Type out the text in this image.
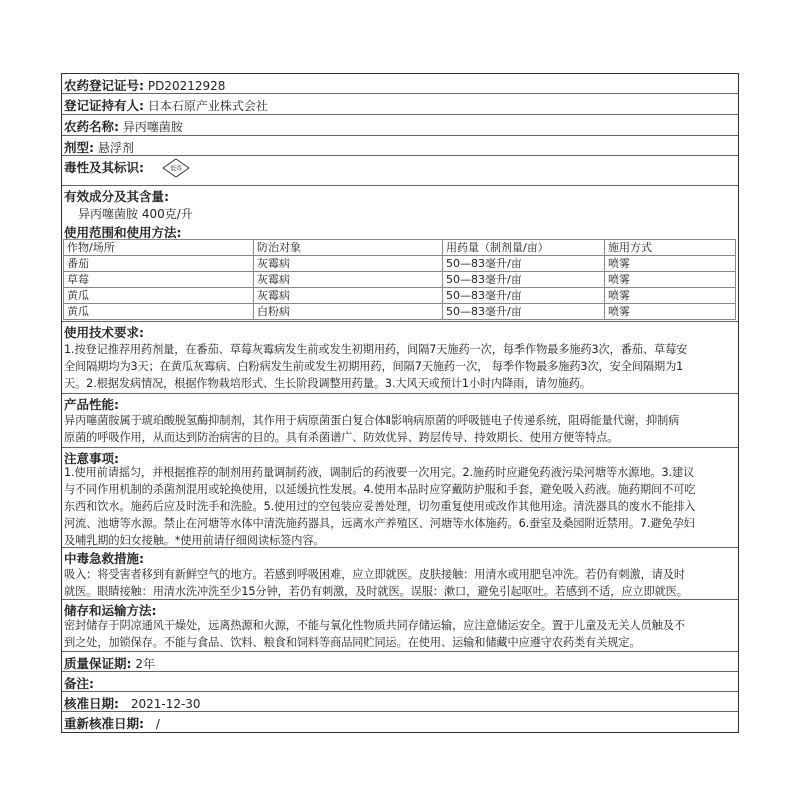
农药登记证号: PD20212928
登记证持有人: 日本石原产业株式会社
农药名称: 异丙噻菌胺
剂型: 悬浮剂
毒性及其标识:	低毒
有效成分及其含量:
异丙噻菌胺 400克/升
使用范围和使用方法:
作物/场所	防治对象	用药量（制剂量/亩）	施用方式
番茄	灰霉病	50—83毫升/亩	喷雾
草莓	灰霉病	50—83毫升/亩	喷雾
黄瓜	灰霉病	50—83毫升/亩	喷雾
黄瓜	白粉病	50—83毫升/亩	喷雾
使用技术要求:
1.按登记推荐用药剂量，在番茄、草莓灰霉病发生前或发生初期用药，间隔7天施药一次，每季作物最多施药3次，番茄、草莓安
全间隔期均为3天；在黄瓜灰霉病、白粉病发生前或发生初期用药，间隔7天施药一次， 每季作物最多施药3次，安全间隔期为1
天。2.根据发病情况，根据作物栽培形式、生长阶段调整用药量。3.大风天或预计1小时内降雨，请勿施药。
产品性能:
异丙噻菌胺属于琥珀酸脱氢酶抑制剂，其作用于病原菌蛋白复合体Ⅱ影响病原菌的呼吸链电子传递系统，阻碍能量代谢，抑制病
原菌的呼吸作用，从而达到防治病害的目的。具有杀菌谱广、防效优异、跨层传导、持效期长、使用方便等特点。
注意事项:
1.使用前请摇匀，并根据推荐的制剂用药量调制药液，调制后的药液要一次用完。2.施药时应避免药液污染河塘等水源地。3.建议
与不同作用机制的杀菌剂混用或轮换使用，以延缓抗性发展。4.使用本品时应穿戴防护服和手套，避免吸入药液。施药期间不可吃
东西和饮水。施药后应及时洗手和洗脸。5.使用过的空包装应妥善处理，切勿重复使用或改作其他用途。清洗器具的废水不能排入
河流、池塘等水源。禁止在河塘等水体中清洗施药器具，远离水产养殖区、河塘等水体施药。6.蚕室及桑园附近禁用。7.避免孕妇
及哺乳期的妇女接触。*使用前请仔细阅读标签内容。
中毒急救措施:
吸入：将受害者移到有新鲜空气的地方。若感到呼吸困难，应立即就医。皮肤接触：用清水或用肥皂冲洗。若仍有刺激，请及时
就医。眼睛接触：用清水洗冲洗至少15分钟，若仍有刺激，及时就医。误服：漱口，避免引起呕吐。若感到不适，应立即就医。
储存和运输方法:
密封储存于阴凉通风干燥处，远离热源和火源，不能与氧化性物质共同存储运输，应注意储运安全。置于儿童及无关人员触及不
到之处，加锁保存。不能与食品、饮料、粮食和饲料等商品同贮同运。在使用、运输和储藏中应遵守农药类有关规定。
质量保证期: 2年
备注:
核准日期: 2021-12-30
重新核准日期: /
